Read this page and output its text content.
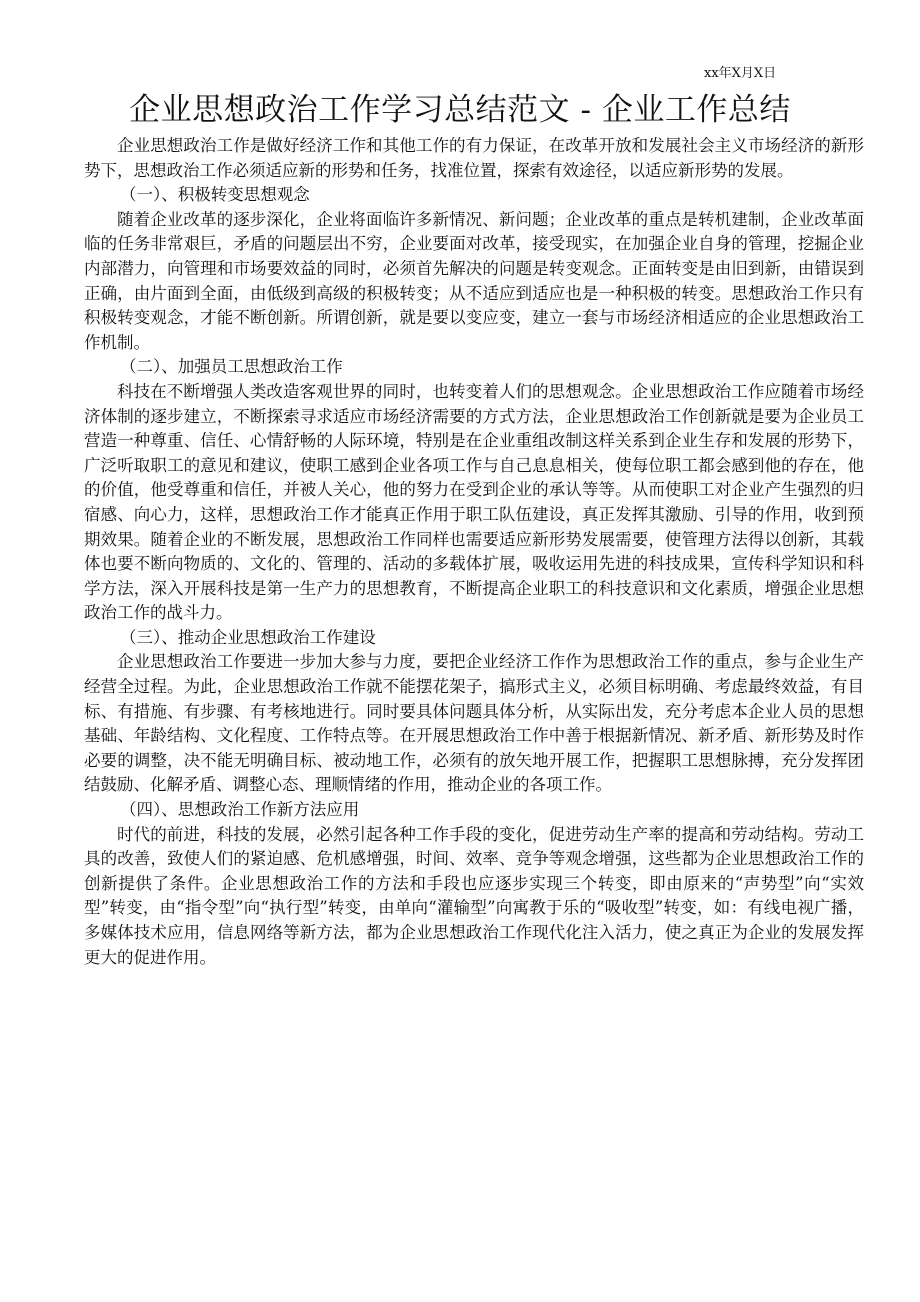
xx年X月X日
企业思想政治工作学习总结范文 - 企业工作总结

企业思想政治工作是做好经济工作和其他工作的有力保证，在改革开放和发展社会主义市场经济的新形势下，思想政治工作必须适应新的形势和任务，找准位置，探索有效途径，以适应新形势的发展。

（一）、积极转变思想观念

随着企业改革的逐步深化，企业将面临许多新情况、新问题；企业改革的重点是转机建制，企业改革面临的任务非常艰巨，矛盾的问题层出不穷，企业要面对改革，接受现实，在加强企业自身的管理，挖掘企业内部潜力，向管理和市场要效益的同时，必须首先解决的问题是转变观念。正面转变是由旧到新，由错误到正确，由片面到全面，由低级到高级的积极转变；从不适应到适应也是一种积极的转变。思想政治工作只有积极转变观念，才能不断创新。所谓创新，就是要以变应变，建立一套与市场经济相适应的企业思想政治工作机制。

（二）、加强员工思想政治工作

科技在不断增强人类改造客观世界的同时，也转变着人们的思想观念。企业思想政治工作应随着市场经济体制的逐步建立，不断探索寻求适应市场经济需要的方式方法，企业思想政治工作创新就是要为企业员工营造一种尊重、信任、心情舒畅的人际环境，特别是在企业重组改制这样关系到企业生存和发展的形势下，广泛听取职工的意见和建议，使职工感到企业各项工作与自己息息相关，使每位职工都会感到他的存在，他的价值，他受尊重和信任，并被人关心，他的努力在受到企业的承认等等。从而使职工对企业产生强烈的归宿感、向心力，这样，思想政治工作才能真正作用于职工队伍建设，真正发挥其激励、引导的作用，收到预期效果。随着企业的不断发展，思想政治工作同样也需要适应新形势发展需要，使管理方法得以创新，其载体也要不断向物质的、文化的、管理的、活动的多载体扩展，吸收运用先进的科技成果，宣传科学知识和科学方法，深入开展科技是第一生产力的思想教育，不断提高企业职工的科技意识和文化素质，增强企业思想政治工作的战斗力。

（三）、推动企业思想政治工作建设

企业思想政治工作要进一步加大参与力度，要把企业经济工作作为思想政治工作的重点，参与企业生产经营全过程。为此，企业思想政治工作就不能摆花架子，搞形式主义，必须目标明确、考虑最终效益，有目标、有措施、有步骤、有考核地进行。同时要具体问题具体分析，从实际出发，充分考虑本企业人员的思想基础、年龄结构、文化程度、工作特点等。在开展思想政治工作中善于根据新情况、新矛盾、新形势及时作必要的调整，决不能无明确目标、被动地工作，必须有的放矢地开展工作，把握职工思想脉搏，充分发挥团结鼓励、化解矛盾、调整心态、理顺情绪的作用，推动企业的各项工作。

（四）、思想政治工作新方法应用

时代的前进，科技的发展，必然引起各种工作手段的变化，促进劳动生产率的提高和劳动结构。劳动工具的改善，致使人们的紧迫感、危机感增强，时间、效率、竞争等观念增强，这些都为企业思想政治工作的创新提供了条件。企业思想政治工作的方法和手段也应逐步实现三个转变，即由原来的“声势型”向“实效型”转变，由“指令型”向“执行型”转变，由单向“灌输型”向寓教于乐的“吸收型”转变，如：有线电视广播，多媒体技术应用，信息网络等新方法，都为企业思想政治工作现代化注入活力，使之真正为企业的发展发挥更大的促进作用。
